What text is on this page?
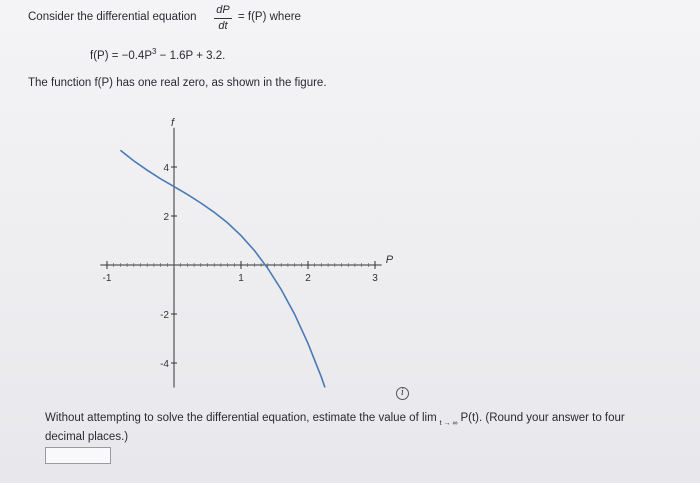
Consider the differential equation
dP
dt
= f(P) where
$f(P) = -0.4P^3 - 1.6P + 3.2$.
The function f(P) has one real zero, as shown in the figure.
P
f
-1	1	2	3
4
2
-2
-4
i
Without attempting to solve the differential equation, estimate the value of lim $_{t \to \infty}$ P(t). (Round your answer to four
decimal places.)
